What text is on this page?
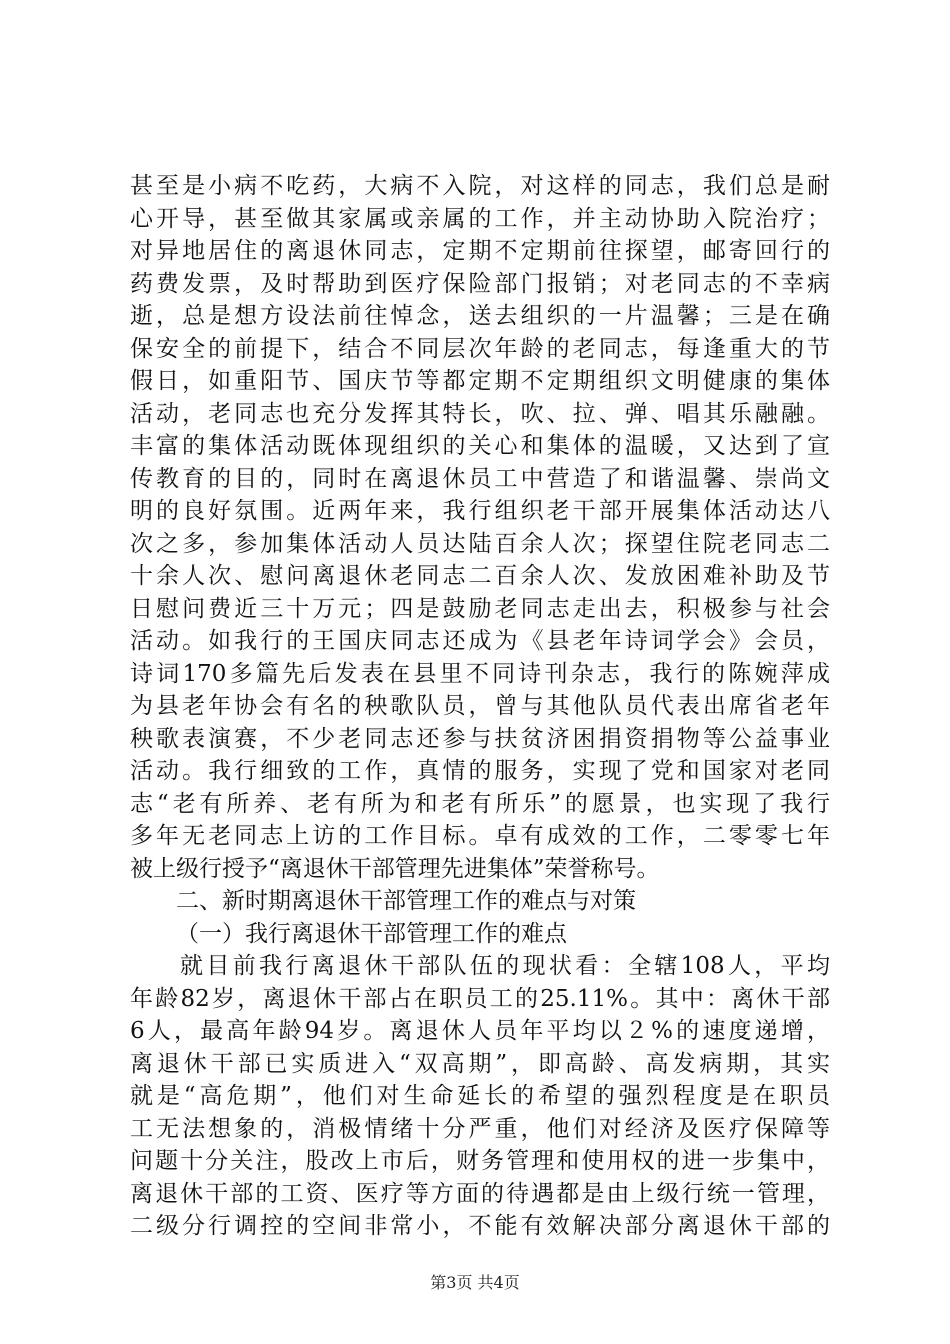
甚至是小病不吃药，大病不入院，对这样的同志，我们总是耐
心开导，甚至做其家属或亲属的工作，并主动协助入院治疗；
对异地居住的离退休同志，定期不定期前往探望，邮寄回行的
药费发票，及时帮助到医疗保险部门报销；对老同志的不幸病
逝，总是想方设法前往悼念，送去组织的一片温馨；三是在确
保安全的前提下，结合不同层次年龄的老同志，每逢重大的节
假日，如重阳节、国庆节等都定期不定期组织文明健康的集体
活动，老同志也充分发挥其特长，吹、拉、弹、唱其乐融融。
丰富的集体活动既体现组织的关心和集体的温暖，又达到了宣
传教育的目的，同时在离退休员工中营造了和谐温馨、崇尚文
明的良好氛围。近两年来，我行组织老干部开展集体活动达八
次之多，参加集体活动人员达陆百余人次；探望住院老同志二
十余人次、慰问离退休老同志二百余人次、发放困难补助及节
日慰问费近三十万元；四是鼓励老同志走出去，积极参与社会
活动。如我行的王国庆同志还成为《县老年诗词学会》会员，
诗词170多篇先后发表在县里不同诗刊杂志，我行的陈婉萍成
为县老年协会有名的秧歌队员，曾与其他队员代表出席省老年
秧歌表演赛，不少老同志还参与扶贫济困捐资捐物等公益事业
活动。我行细致的工作，真情的服务，实现了党和国家对老同
志“老有所养、老有所为和老有所乐”的愿景，也实现了我行
多年无老同志上访的工作目标。卓有成效的工作，二零零七年
被上级行授予“离退休干部管理先进集体”荣誉称号。
二、新时期离退休干部管理工作的难点与对策
（一）我行离退休干部管理工作的难点
就目前我行离退休干部队伍的现状看：全辖108人，平均
年龄82岁，离退休干部占在职员工的25.11%。其中：离休干部
6人，最高年龄94岁。离退休人员年平均以２%的速度递增，
离退休干部已实质进入“双高期”，即高龄、高发病期，其实
就是“高危期”，他们对生命延长的希望的强烈程度是在职员
工无法想象的，消极情绪十分严重，他们对经济及医疗保障等
问题十分关注，股改上市后，财务管理和使用权的进一步集中，
离退休干部的工资、医疗等方面的待遇都是由上级行统一管理，
二级分行调控的空间非常小，不能有效解决部分离退休干部的
第3页 共4页
